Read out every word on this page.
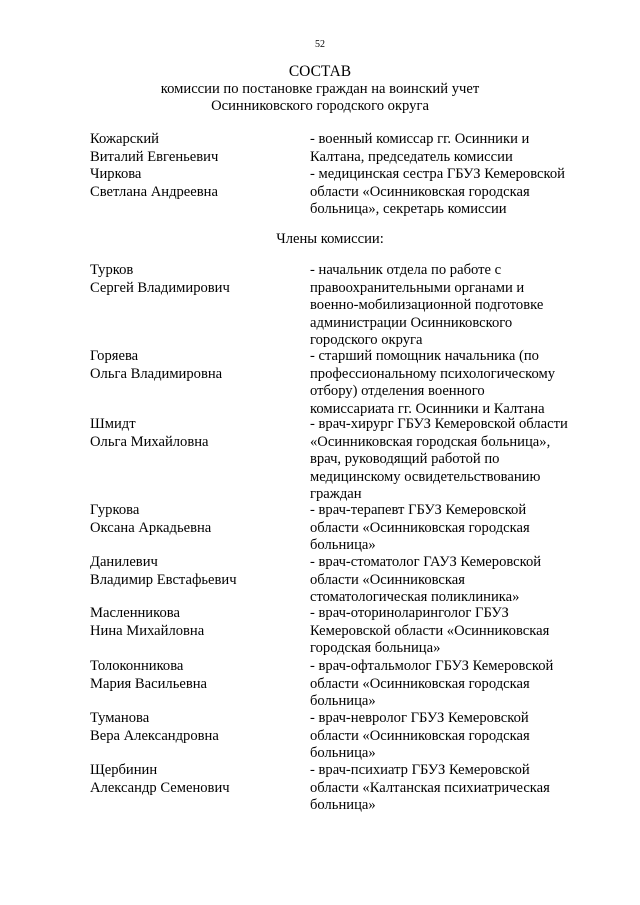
52
СОСТАВ
комиссии по постановке граждан на воинский учет
Осинниковского городского округа
Кожарский
Виталий Евгеньевич
- военный комиссар гг. Осинники и
Калтана, председатель комиссии
Чиркова
Светлана Андреевна
- медицинская сестра ГБУЗ Кемеровской
области «Осинниковская городская
больница», секретарь комиссии
Члены комиссии:
Турков
Сергей Владимирович
- начальник отдела по работе с
правоохранительными органами и
военно-мобилизационной подготовке
администрации Осинниковского
городского округа
Горяева
Ольга Владимировна
- старший помощник начальника (по
профессиональному психологическому
отбору) отделения военного
комиссариата гг. Осинники и Калтана
Шмидт
Ольга Михайловна
- врач-хирург ГБУЗ Кемеровской области
«Осинниковская городская больница»,
врач, руководящий работой по
медицинскому освидетельствованию
граждан
Гуркова
Оксана Аркадьевна
- врач-терапевт ГБУЗ Кемеровской
области «Осинниковская городская
больница»
Данилевич
Владимир Евстафьевич
- врач-стоматолог ГАУЗ Кемеровской
области «Осинниковская
стоматологическая поликлиника»
Масленникова
Нина Михайловна
- врач-оториноларинголог ГБУЗ
Кемеровской области «Осинниковская
городская больница»
Толоконникова
Мария Васильевна
- врач-офтальмолог ГБУЗ Кемеровской
области «Осинниковская городская
больница»
Туманова
Вера Александровна
- врач-невролог ГБУЗ Кемеровской
области «Осинниковская городская
больница»
Щербинин
Александр Семенович
- врач-психиатр ГБУЗ Кемеровской
области «Калтанская психиатрическая
больница»
